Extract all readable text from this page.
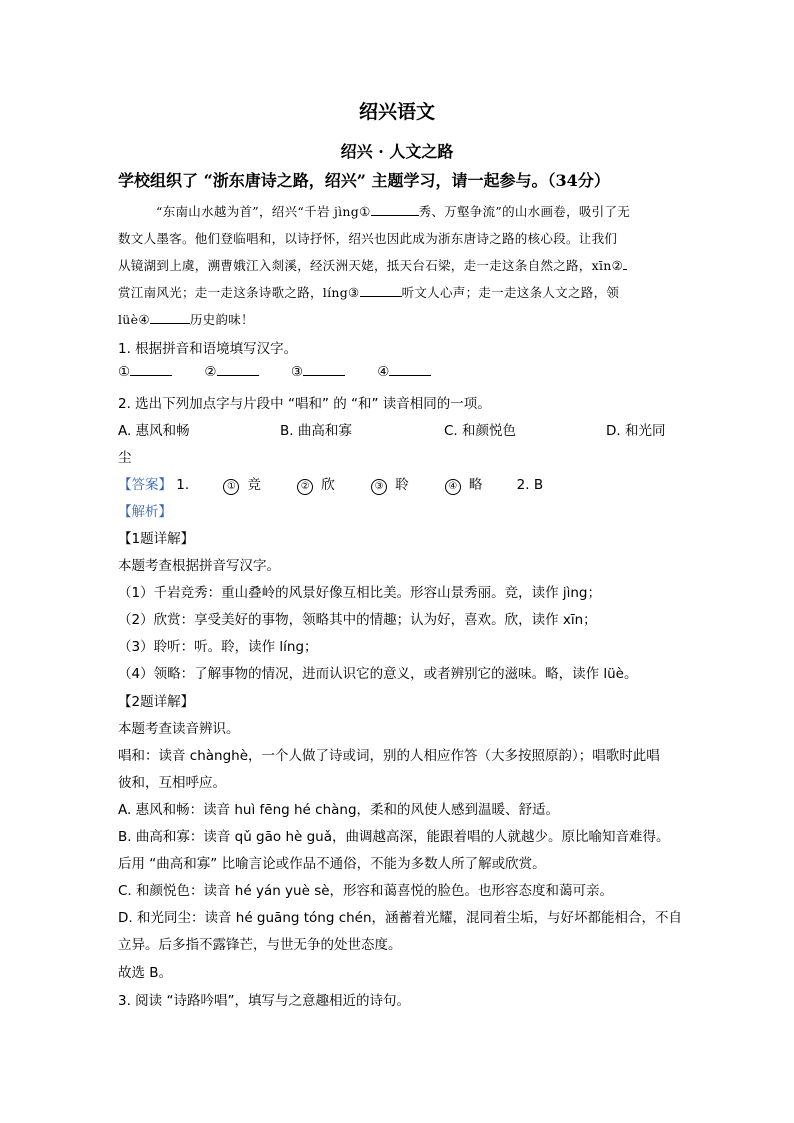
绍兴语文
绍兴 · 人文之路
学校组织了 “浙东唐诗之路，绍兴” 主题学习，请一起参与。（34分）

“东南山水越为首”，绍兴“千岩 jìng①	秀、万壑争流”的山水画卷，吸引了无

数文人墨客。他们登临唱和，以诗抒怀，绍兴也因此成为浙东唐诗之路的核心段。让我们

从镜湖到上虞，溯曹娥江入剡溪，经沃洲天姥，抵天台石梁，走一走这条自然之路，xīn②

赏江南风光；走一走这条诗歌之路，líng③	听文人心声；走一走这条人文之路，领

lüè④	历史韵味！

1. 根据拼音和语境填写汉字。
①	②	③	④
2. 选出下列加点字与片段中 “唱和” 的 “和” 读音相同的一项。
A. 惠风和畅	B. 曲高和寡	C. 和颜悦色	D. 和光同
尘
【答案】 1.	① 竞	② 欣	③ 聆	④ 略	2. B
【解析】
【1题详解】
本题考查根据拼音写汉字。
（1）千岩竞秀：重山叠岭的风景好像互相比美。形容山景秀丽。竞，读作 jìng；
（2）欣赏：享受美好的事物，领略其中的情趣；认为好，喜欢。欣，读作 xīn；
（3）聆听：听。聆，读作 líng；
（4）领略：了解事物的情况，进而认识它的意义，或者辨别它的滋味。略，读作 lüè。
【2题详解】
本题考查读音辨识。
唱和：读音 chànghè，一个人做了诗或词，别的人相应作答（大多按照原韵）；唱歌时此唱
彼和，互相呼应。
A. 惠风和畅：读音 huì fēng hé chàng，柔和的风使人感到温暖、舒适。
B. 曲高和寡：读音 qǔ gāo hè guǎ，曲调越高深，能跟着唱的人就越少。原比喻知音难得。
后用 “曲高和寡” 比喻言论或作品不通俗，不能为多数人所了解或欣赏。
C. 和颜悦色：读音 hé yán yuè sè，形容和蔼喜悦的脸色。也形容态度和蔼可亲。
D. 和光同尘：读音 hé guāng tóng chén，涵蓄着光耀，混同着尘垢，与好坏都能相合，不自
立异。后多指不露锋芒，与世无争的处世态度。
故选 B。
3. 阅读 “诗路吟唱”，填写与之意趣相近的诗句。
